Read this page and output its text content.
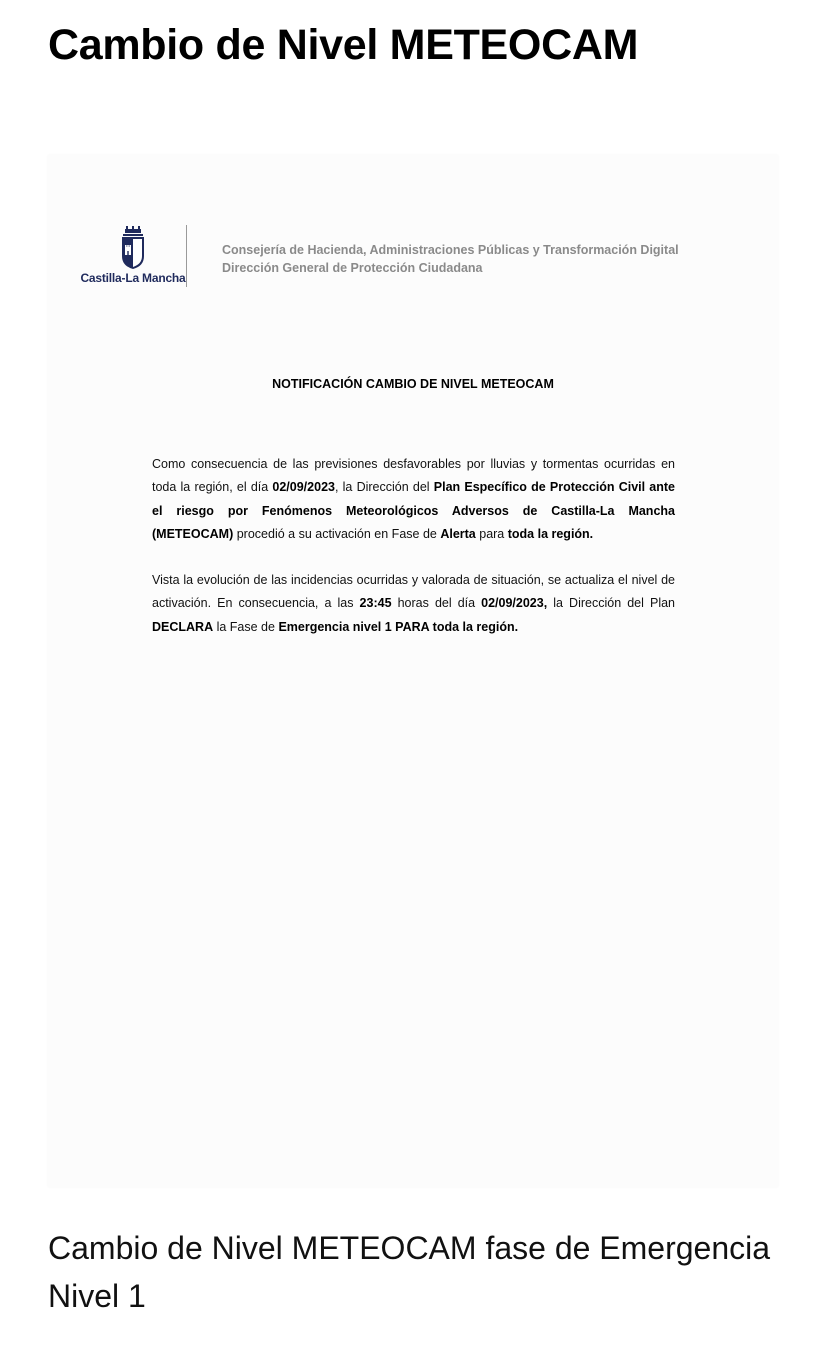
Cambio de Nivel METEOCAM
Castilla-La Mancha
Consejería de Hacienda, Administraciones Públicas y Transformación Digital
Dirección General de Protección Ciudadana
NOTIFICACIÓN CAMBIO DE NIVEL METEOCAM

Como consecuencia de las previsiones desfavorables por lluvias y tormentas ocurridas en toda la región, el día 02/09/2023, la Dirección del Plan Específico de Protección Civil ante el riesgo por Fenómenos Meteorológicos Adversos de Castilla-La Mancha (METEOCAM) procedió a su activación en Fase de Alerta para toda la región.

Vista la evolución de las incidencias ocurridas y valorada de situación, se actualiza el nivel de activación. En consecuencia, a las 23:45 horas del día 02/09/2023, la Dirección del Plan DECLARA la Fase de Emergencia nivel 1 PARA toda la región.

Cambio de Nivel METEOCAM fase de Emergencia Nivel 1
